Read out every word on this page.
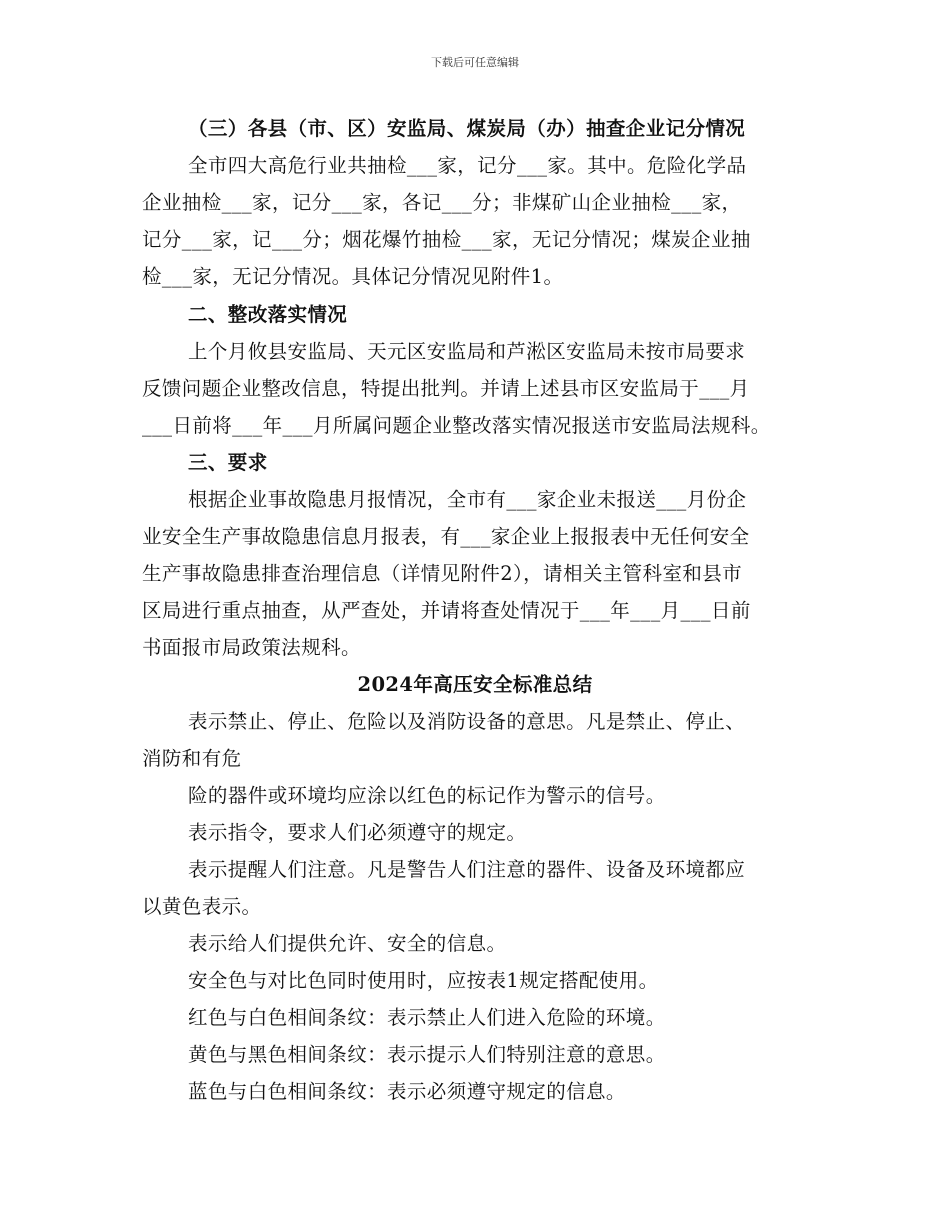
下载后可任意编辑
（三）各县（市、区）安监局、煤炭局（办）抽查企业记分情况
全市四大高危行业共抽检___家，记分___家。其中。危险化学品
企业抽检___家，记分___家，各记___分；非煤矿山企业抽检___家，
记分___家，记___分；烟花爆竹抽检___家，无记分情况；煤炭企业抽
检___家，无记分情况。具体记分情况见附件1。
二、整改落实情况
上个月攸县安监局、天元区安监局和芦淞区安监局未按市局要求
反馈问题企业整改信息，特提出批判。并请上述县市区安监局于___月
___日前将___年___月所属问题企业整改落实情况报送市安监局法规科。
三、要求
根据企业事故隐患月报情况，全市有___家企业未报送___月份企
业安全生产事故隐患信息月报表，有___家企业上报报表中无任何安全
生产事故隐患排查治理信息（详情见附件2），请相关主管科室和县市
区局进行重点抽查，从严查处，并请将查处情况于___年___月___日前
书面报市局政策法规科。
2024年高压安全标准总结
表示禁止、停止、危险以及消防设备的意思。凡是禁止、停止、
消防和有危
险的器件或环境均应涂以红色的标记作为警示的信号。
表示指令，要求人们必须遵守的规定。
表示提醒人们注意。凡是警告人们注意的器件、设备及环境都应
以黄色表示。
表示给人们提供允许、安全的信息。
安全色与对比色同时使用时，应按表1规定搭配使用。
红色与白色相间条纹：表示禁止人们进入危险的环境。
黄色与黑色相间条纹：表示提示人们特别注意的意思。
蓝色与白色相间条纹：表示必须遵守规定的信息。
